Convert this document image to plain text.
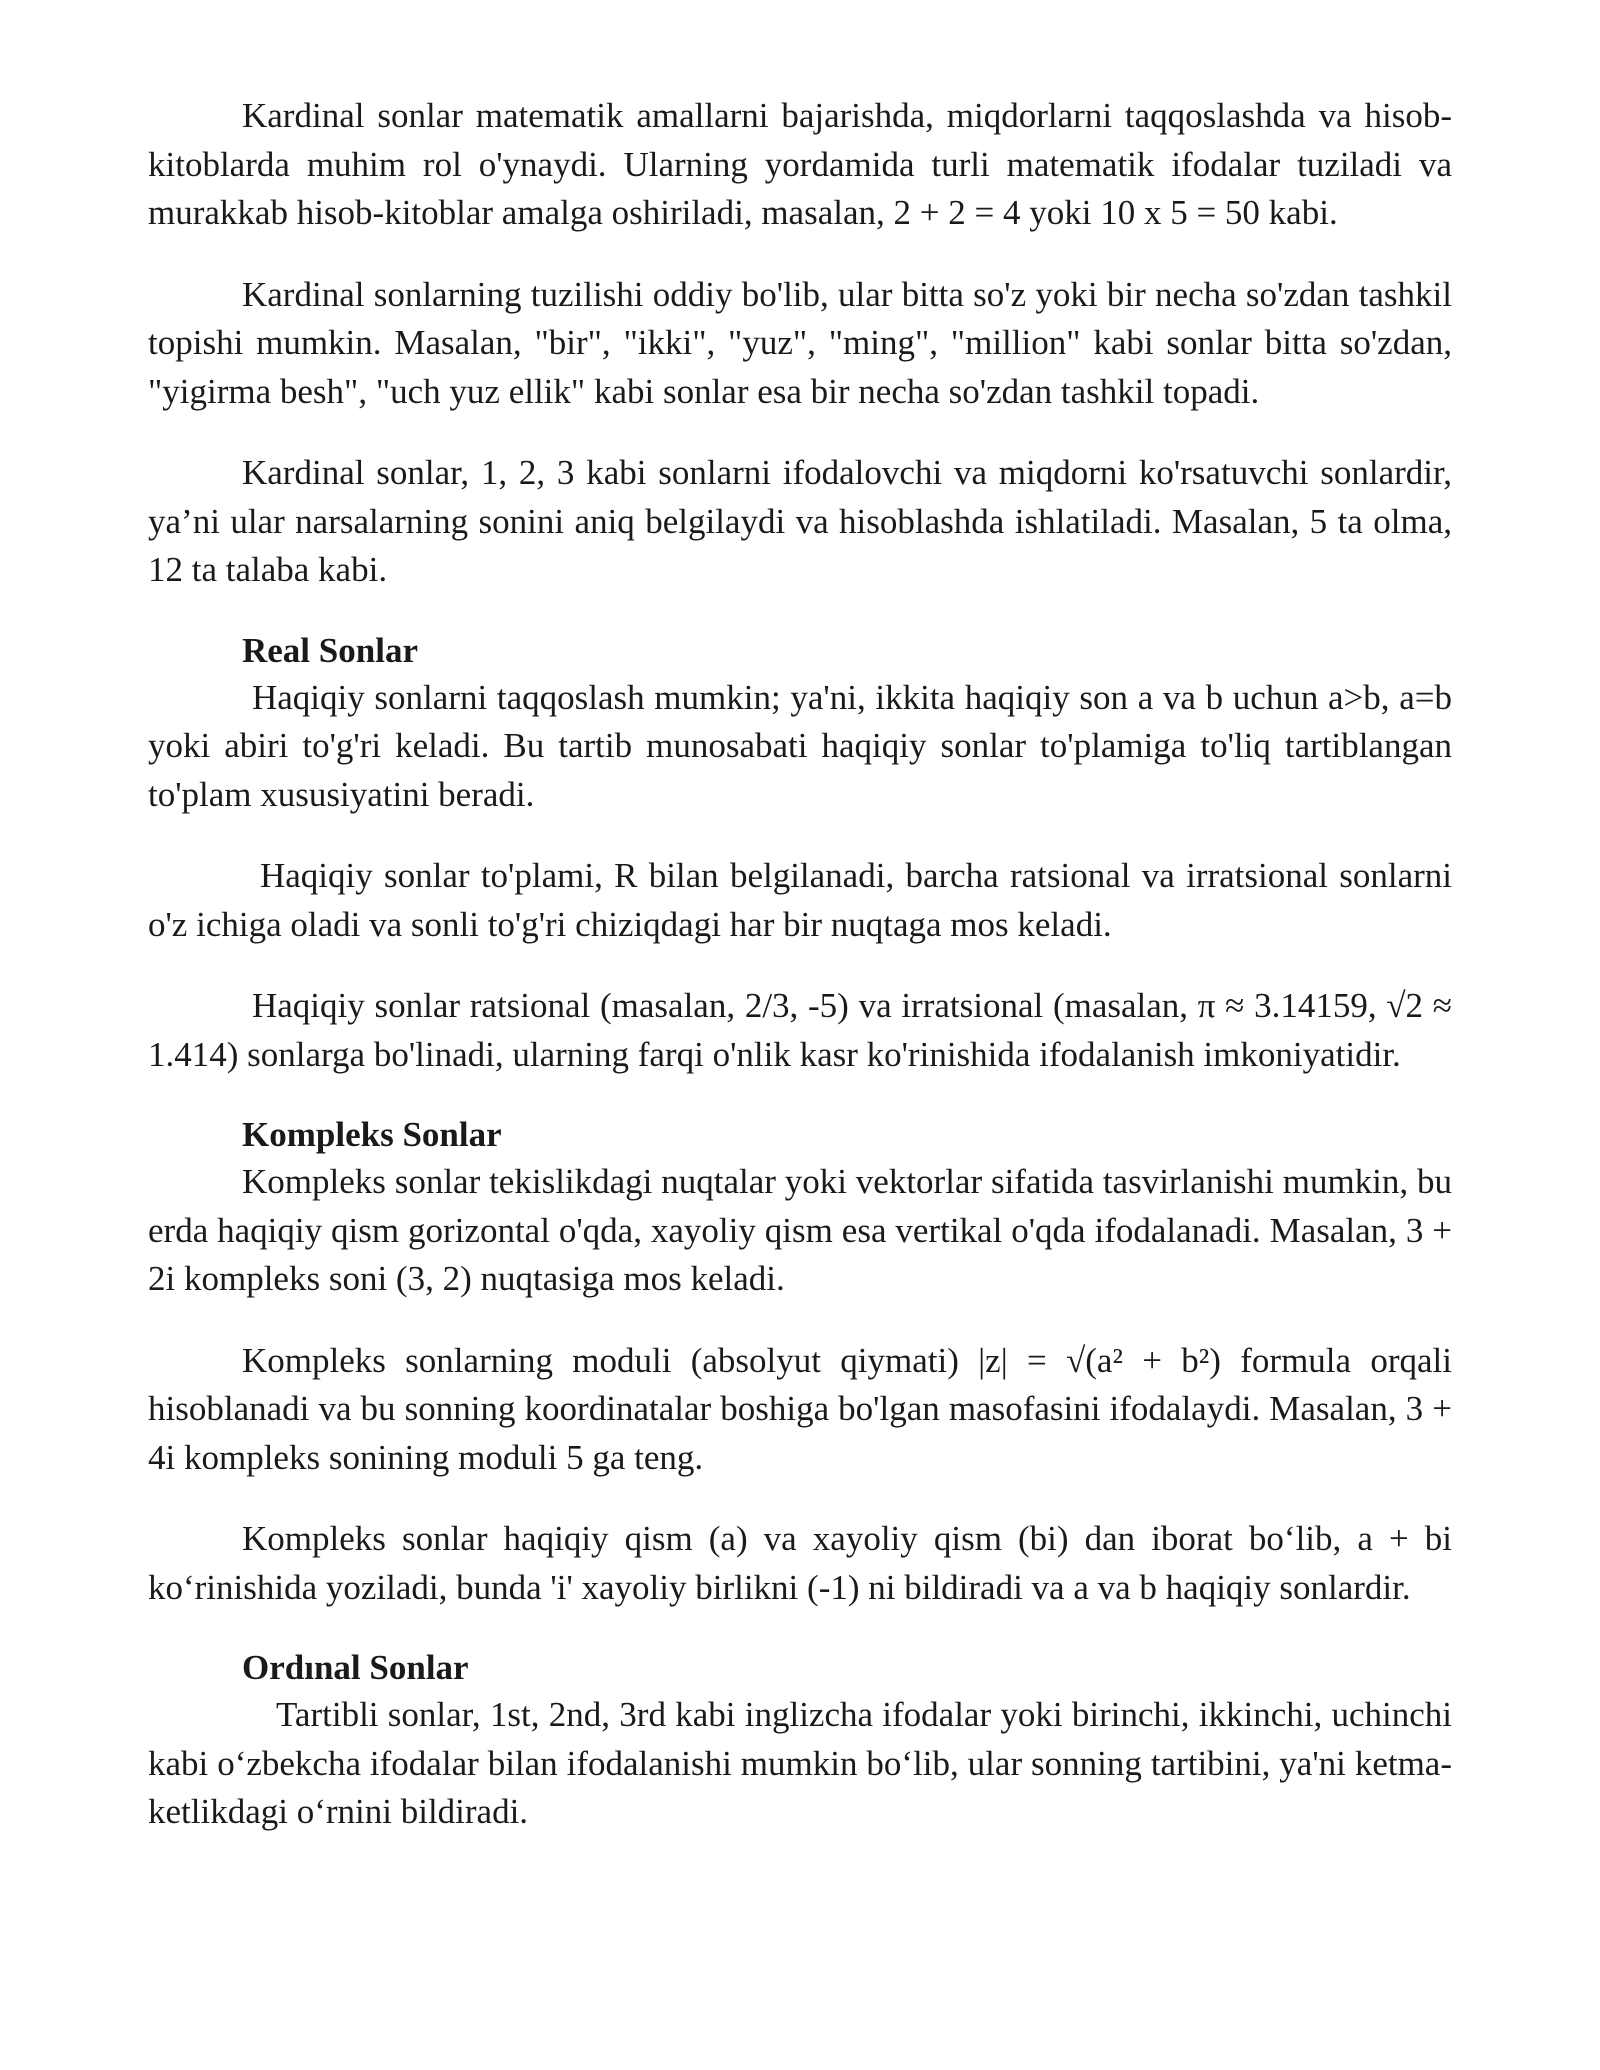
Kardinal sonlar matematik amallarni bajarishda, miqdorlarni taqqoslashda va hisob-kitoblarda muhim rol o'ynaydi. Ularning yordamida turli matematik ifodalar tuziladi va murakkab hisob-kitoblar amalga oshiriladi, masalan, 2 + 2 = 4 yoki 10 x 5 = 50 kabi.

Kardinal sonlarning tuzilishi oddiy bo'lib, ular bitta so'z yoki bir necha so'zdan tashkil topishi mumkin. Masalan, "bir", "ikki", "yuz", "ming", "million" kabi sonlar bitta so'zdan, "yigirma besh", "uch yuz ellik" kabi sonlar esa bir necha so'zdan tashkil topadi.

Kardinal sonlar, 1, 2, 3 kabi sonlarni ifodalovchi va miqdorni ko'rsatuvchi sonlardir, ya’ni ular narsalarning sonini aniq belgilaydi va hisoblashda ishlatiladi. Masalan, 5 ta olma, 12 ta talaba kabi.

Real Sonlar

Haqiqiy sonlarni taqqoslash mumkin; ya'ni, ikkita haqiqiy son a va b uchun a>b, a=b yoki abiri to'g'ri keladi. Bu tartib munosabati haqiqiy sonlar to'plamiga to'liq tartiblangan to'plam xususiyatini beradi.

Haqiqiy sonlar to'plami, R bilan belgilanadi, barcha ratsional va irratsional sonlarni o'z ichiga oladi va sonli to'g'ri chiziqdagi har bir nuqtaga mos keladi.

Haqiqiy sonlar ratsional (masalan, 2/3, -5) va irratsional (masalan, π ≈ 3.14159, √2 ≈ 1.414) sonlarga bo'linadi, ularning farqi o'nlik kasr ko'rinishida ifodalanish imkoniyatidir.

Kompleks Sonlar

Kompleks sonlar tekislikdagi nuqtalar yoki vektorlar sifatida tasvirlanishi mumkin, bu erda haqiqiy qism gorizontal o'qda, xayoliy qism esa vertikal o'qda ifodalanadi. Masalan, 3 + 2i kompleks soni (3, 2) nuqtasiga mos keladi.

Kompleks sonlarning moduli (absolyut qiymati) |z| = √(a² + b²) formula orqali hisoblanadi va bu sonning koordinatalar boshiga bo'lgan masofasini ifodalaydi. Masalan, 3 + 4i kompleks sonining moduli 5 ga teng.

Kompleks sonlar haqiqiy qism (a) va xayoliy qism (bi) dan iborat bo‘lib, a + bi ko‘rinishida yoziladi, bunda 'i' xayoliy birlikni (-1) ni bildiradi va a va b haqiqiy sonlardir.

Ordınal Sonlar

Tartibli sonlar, 1st, 2nd, 3rd kabi inglizcha ifodalar yoki birinchi, ikkinchi, uchinchi kabi o‘zbekcha ifodalar bilan ifodalanishi mumkin bo‘lib, ular sonning tartibini, ya'ni ketma-ketlikdagi o‘rnini bildiradi.
